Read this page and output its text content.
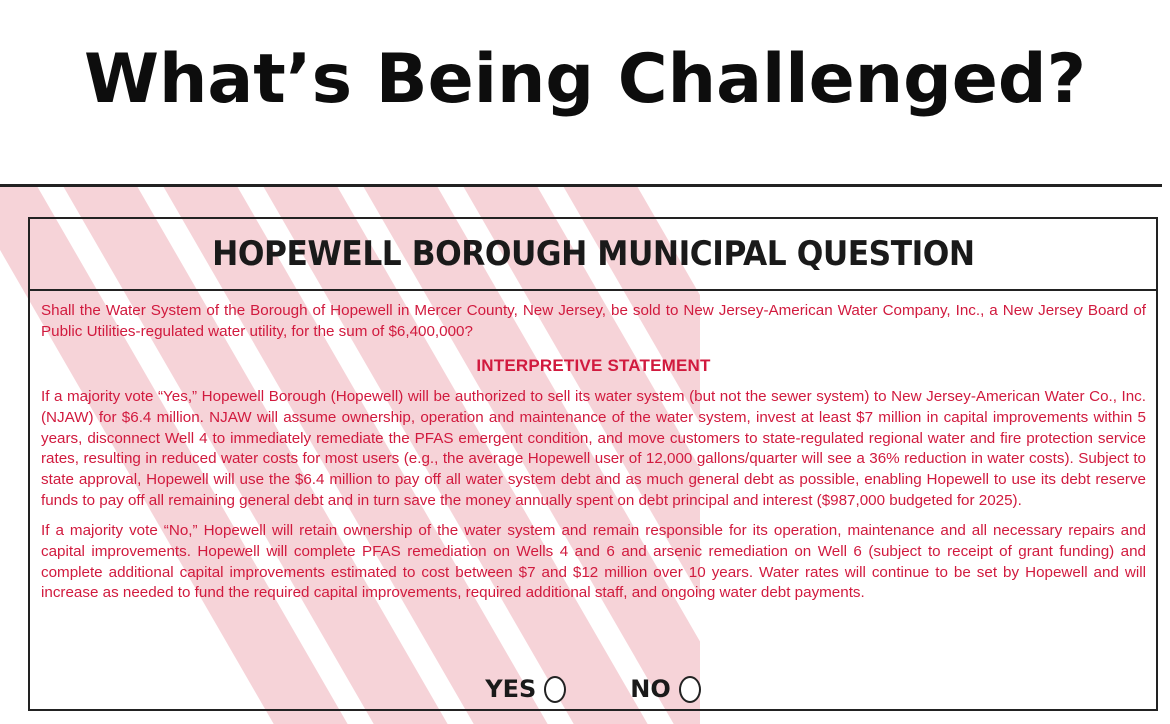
What’s Being Challenged?
HOPEWELL BOROUGH MUNICIPAL QUESTION

Shall the Water System of the Borough of Hopewell in Mercer County, New Jersey, be sold to New Jersey-American Water Company, Inc., a New Jersey Board of Public Utilities-regulated water utility, for the sum of $6,400,000?

INTERPRETIVE STATEMENT

If a majority vote “Yes,” Hopewell Borough (Hopewell) will be authorized to sell its water system (but not the sewer system) to New Jersey-American Water Co., Inc. (NJAW) for $6.4 million. NJAW will assume ownership, operation and maintenance of the water system, invest at least $7 million in capital improvements within 5 years, disconnect Well 4 to immediately remediate the PFAS emergent condition, and move customers to state-regulated regional water and fire protection service rates, resulting in reduced water costs for most users (e.g., the average Hopewell user of 12,000 gallons/quarter will see a 36% reduction in water costs). Subject to state approval, Hopewell will use the $6.4 million to pay off all water system debt and as much general debt as possible, enabling Hopewell to use its debt reserve funds to pay off all remaining general debt and in turn save the money annually spent on debt principal and interest ($987,000 budgeted for 2025).

If a majority vote “No,” Hopewell will retain ownership of the water system and remain responsible for its operation, maintenance and all necessary repairs and capital improvements. Hopewell will complete PFAS remediation on Wells 4 and 6 and arsenic remediation on Well 6 (subject to receipt of grant funding) and complete additional capital improvements estimated to cost between $7 and $12 million over 10 years. Water rates will continue to be set by Hopewell and will increase as needed to fund the required capital improvements, required additional staff, and ongoing water debt payments.

YES	NO
